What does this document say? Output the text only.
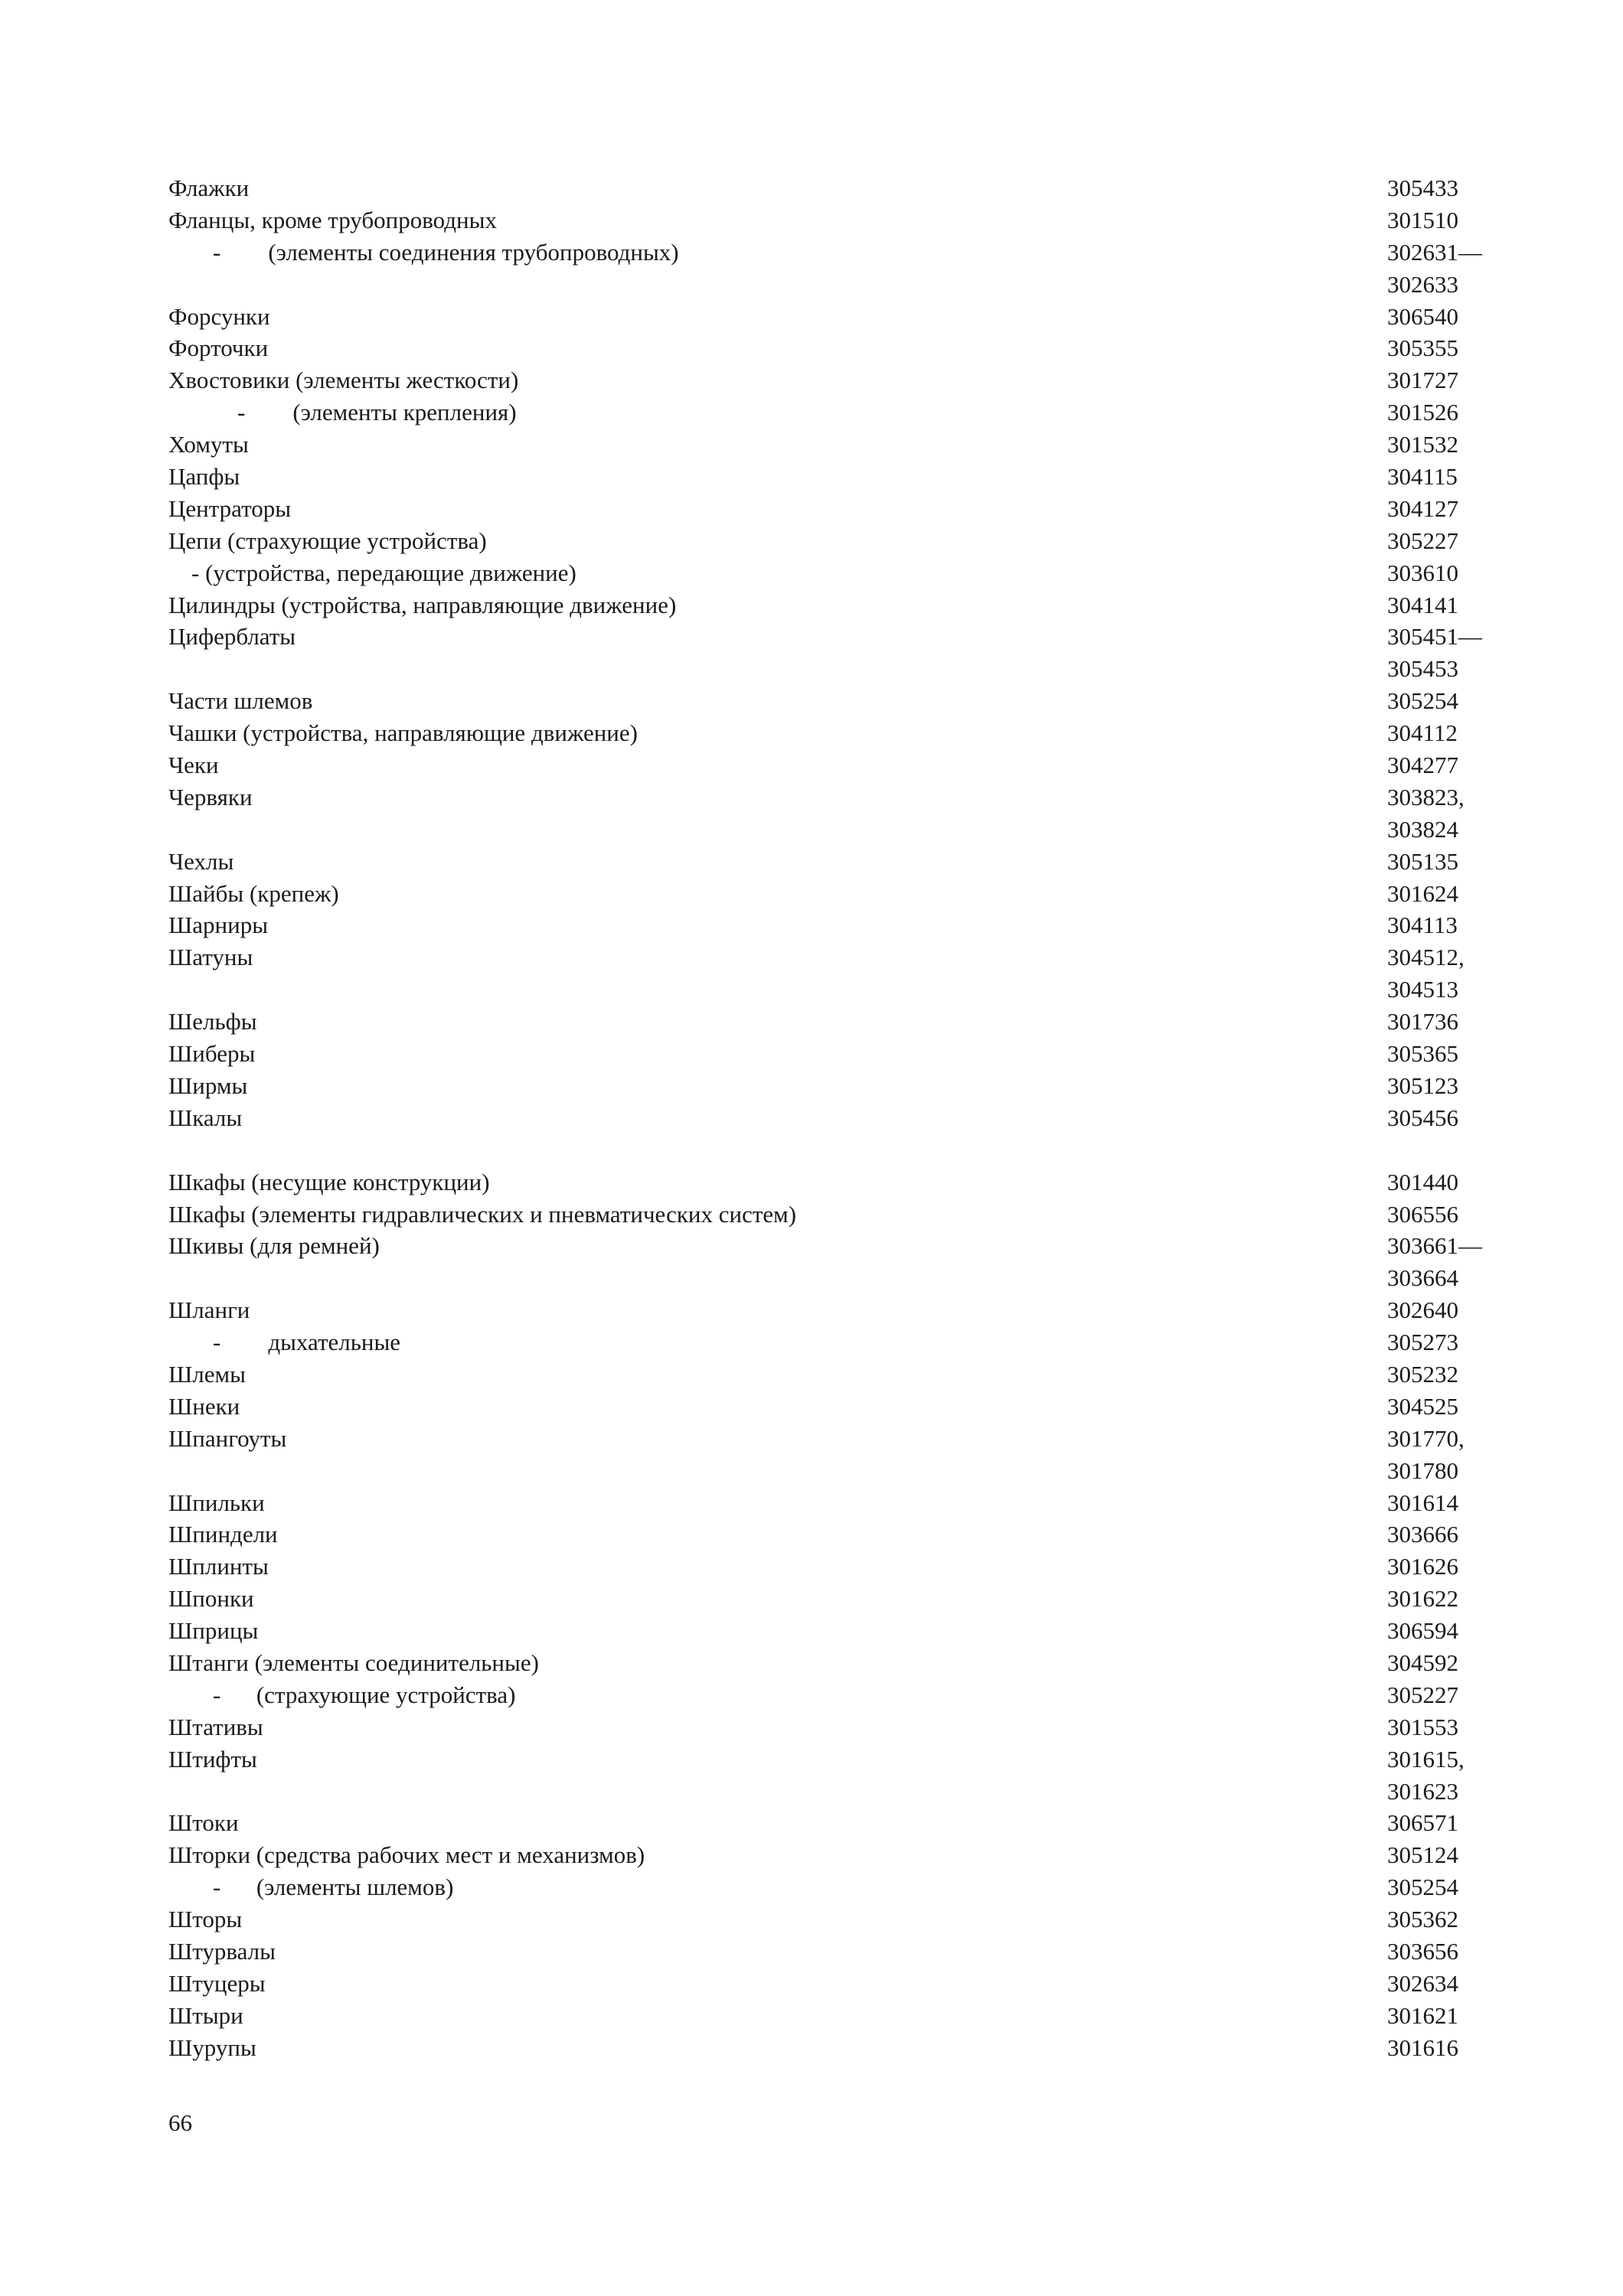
Флажки	305433
Фланцы, кроме трубопроводных	301510
-        (элементы соединения трубопроводных)	302631—
302633
Форсунки	306540
Форточки	305355
Хвостовики (элементы жесткости)	301727
-        (элементы крепления)	301526
Хомуты	301532
Цапфы	304115
Центраторы	304127
Цепи (страхующие устройства)	305227
- (устройства, передающие движение)	303610
Цилиндры (устройства, направляющие движение)	304141
Циферблаты	305451—
305453
Части шлемов	305254
Чашки (устройства, направляющие движение)	304112
Чеки	304277
Червяки	303823,
303824
Чехлы	305135
Шайбы (крепеж)	301624
Шарниры	304113
Шатуны	304512,
304513
Шельфы	301736
Шиберы	305365
Ширмы	305123
Шкалы	305456
Шкафы (несущие конструкции)	301440
Шкафы (элементы гидравлических и пневматических систем)	306556
Шкивы (для ремней)	303661—
303664
Шланги	302640
-        дыхательные	305273
Шлемы	305232
Шнеки	304525
Шпангоуты	301770,
301780
Шпильки	301614
Шпиндели	303666
Шплинты	301626
Шпонки	301622
Шприцы	306594
Штанги (элементы соединительные)	304592
-      (страхующие устройства)	305227
Штативы	301553
Штифты	301615,
301623
Штоки	306571
Шторки (средства рабочих мест и механизмов)	305124
-      (элементы шлемов)	305254
Шторы	305362
Штурвалы	303656
Штуцеры	302634
Штыри	301621
Шурупы	301616
66
